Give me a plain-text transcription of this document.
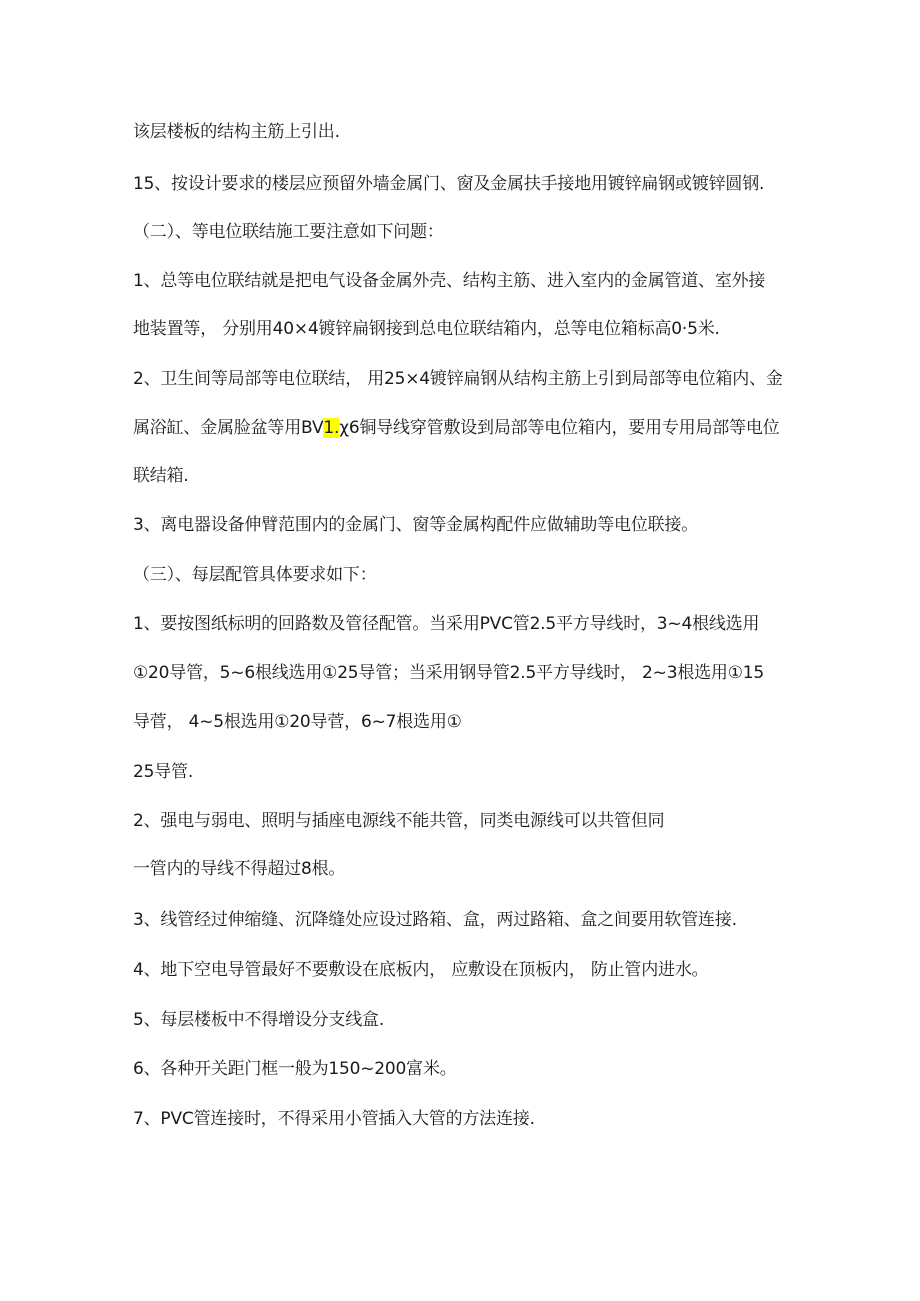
该层楼板的结构主筋上引出.

15、按设计要求的楼层应预留外墙金属门、窗及金属扶手接地用镀锌扁钢或镀锌圆钢.

（二）、等电位联结施工要注意如下问题：

1、总等电位联结就是把电气设备金属外壳、结构主筋、进入室内的金属管道、室外接

地装置等， 分别用40×4镀锌扁钢接到总电位联结箱内，总等电位箱标高0·5米.

2、卫生间等局部等电位联结， 用25×4镀锌扁钢从结构主筋上引到局部等电位箱内、金

属浴缸、金属脸盆等用BV1.χ6铜导线穿管敷设到局部等电位箱内，要用专用局部等电位

联结箱.

3、离电器设备伸臂范围内的金属门、窗等金属构配件应做辅助等电位联接。

（三）、每层配管具体要求如下：

1、要按图纸标明的回路数及管径配管。当采用PVC管2.5平方导线时，3~4根线选用

①20导管，5~6根线选用①25导管；当采用钢导管2.5平方导线时， 2~3根选用①15

导菅， 4~5根选用①20导菅，6~7根选用①

25导管.

2、强电与弱电、照明与插座电源线不能共管，同类电源线可以共管但同

一管内的导线不得超过8根。

3、线管经过伸缩缝、沉降缝处应设过路箱、盒，两过路箱、盒之间要用软管连接.

4、地下空电导管最好不要敷设在底板内， 应敷设在顶板内， 防止管内进水。

5、每层楼板中不得增设分支线盒.

6、各种开关距门框一般为150~200富米。

7、PVC管连接时，不得采用小管插入大管的方法连接.
